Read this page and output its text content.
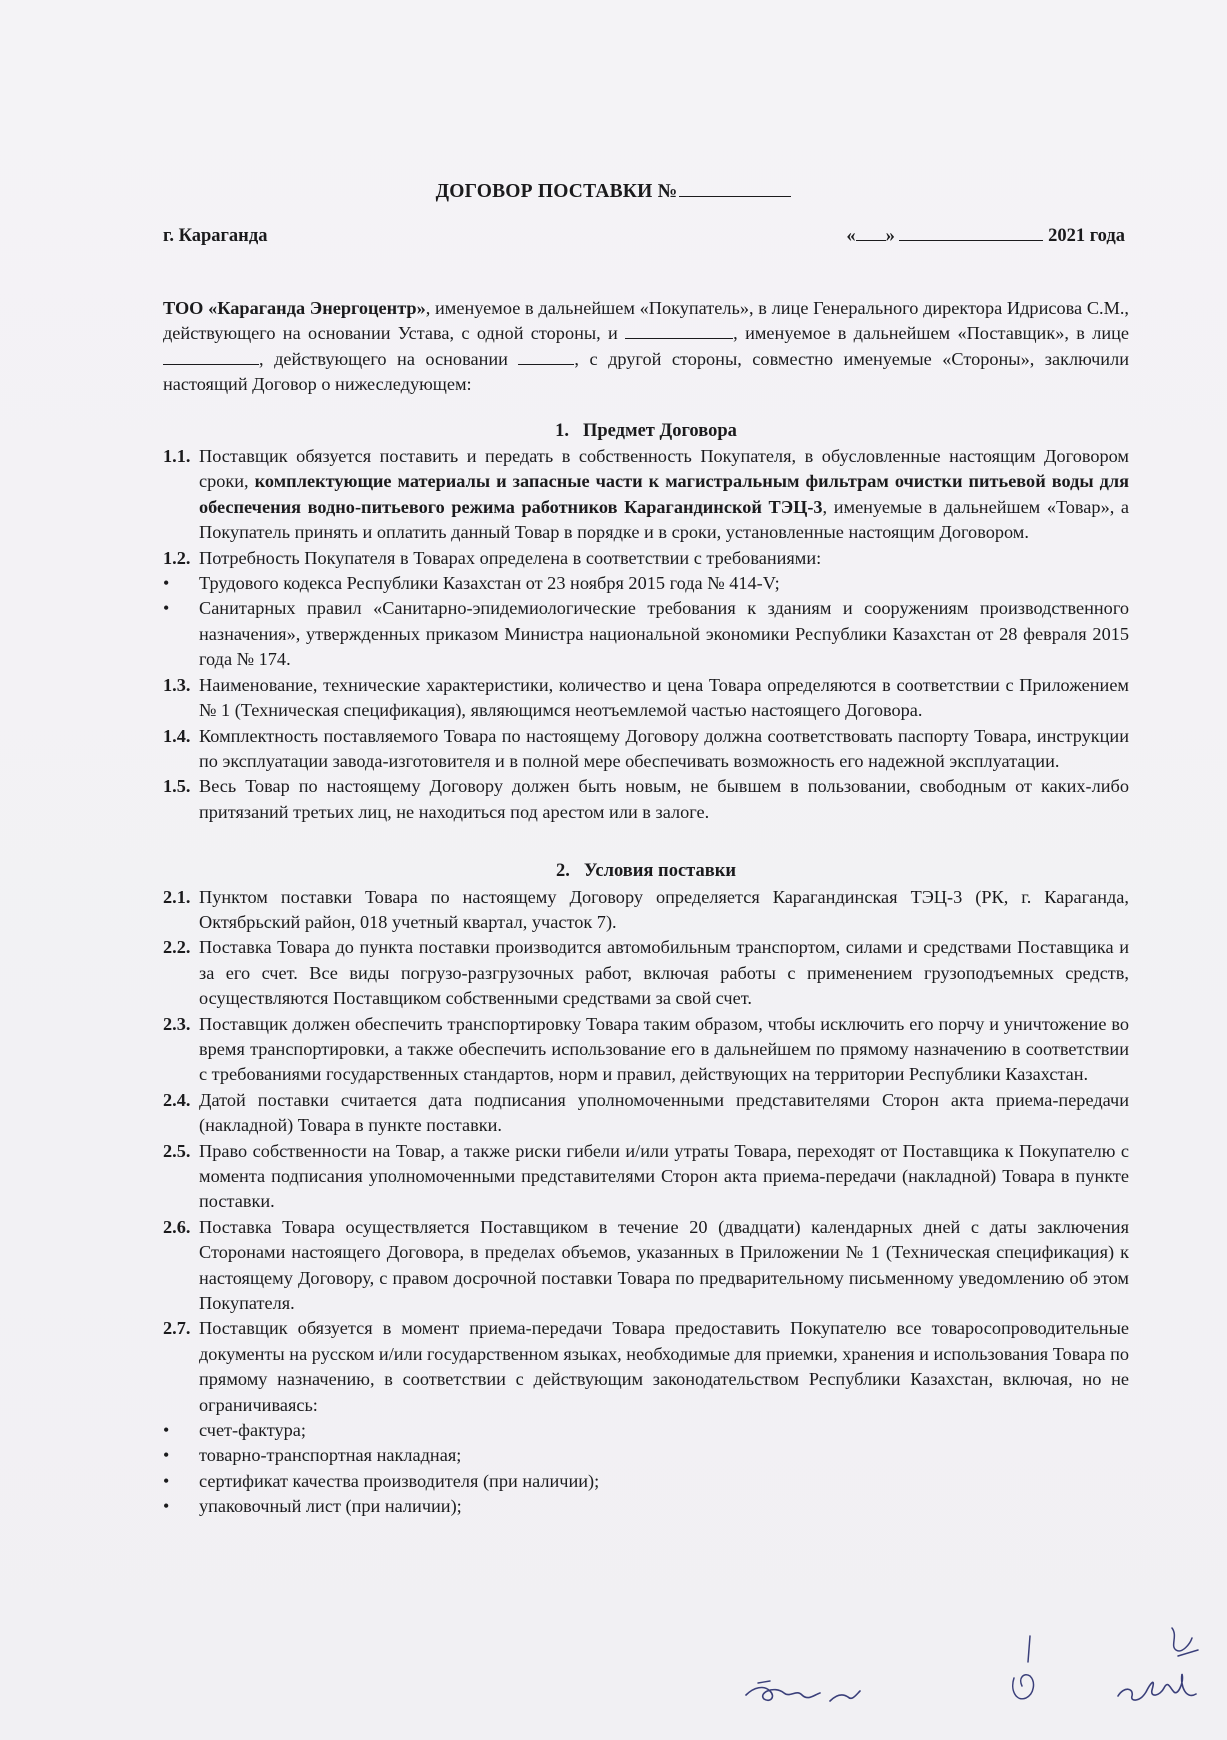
ДОГОВОР ПОСТАВКИ №
г. Караганда	« »	2021 года

ТОО «Караганда Энергоцентр», именуемое в дальнейшем «Покупатель», в лице Генерального директора Идрисова С.М., действующего на основании Устава, с одной стороны, и	, именуемое в дальнейшем «Поставщик», в лице , действующего на основании	, с другой стороны, совместно именуемые «Стороны», заключили настоящий Договор о нижеследующем:

1. Предмет Договора

1.1. Поставщик обязуется поставить и передать в собственность Покупателя, в обусловленные настоящим Договором сроки, комплектующие материалы и запасные части к магистральным фильтрам очистки питьевой воды для обеспечения водно-питьевого режима работников Карагандинской ТЭЦ-3, именуемые в дальнейшем «Товар», а Покупатель принять и оплатить данный Товар в порядке и в сроки, установленные настоящим Договором.

1.2. Потребность Покупателя в Товарах определена в соответствии с требованиями:

• Трудового кодекса Республики Казахстан от 23 ноября 2015 года № 414-V;

• Санитарных правил «Санитарно-эпидемиологические требования к зданиям и сооружениям производственного назначения», утвержденных приказом Министра национальной экономики Республики Казахстан от 28 февраля 2015 года № 174.

1.3. Наименование, технические характеристики, количество и цена Товара определяются в соответствии с Приложением № 1 (Техническая спецификация), являющимся неотъемлемой частью настоящего Договора.

1.4. Комплектность поставляемого Товара по настоящему Договору должна соответствовать паспорту Товара, инструкции по эксплуатации завода-изготовителя и в полной мере обеспечивать возможность его надежной эксплуатации.

1.5. Весь Товар по настоящему Договору должен быть новым, не бывшем в пользовании, свободным от каких-либо притязаний третьих лиц, не находиться под арестом или в залоге.

2. Условия поставки

2.1. Пунктом поставки Товара по настоящему Договору определяется Карагандинская ТЭЦ-3 (РК, г. Караганда, Октябрьский район, 018 учетный квартал, участок 7).

2.2. Поставка Товара до пункта поставки производится автомобильным транспортом, силами и средствами Поставщика и за его счет. Все виды погрузо-разгрузочных работ, включая работы с применением грузоподъемных средств, осуществляются Поставщиком собственными средствами за свой счет.

2.3. Поставщик должен обеспечить транспортировку Товара таким образом, чтобы исключить его порчу и уничтожение во время транспортировки, а также обеспечить использование его в дальнейшем по прямому назначению в соответствии с требованиями государственных стандартов, норм и правил, действующих на территории Республики Казахстан.

2.4. Датой поставки считается дата подписания уполномоченными представителями Сторон акта приема-передачи (накладной) Товара в пункте поставки.

2.5. Право собственности на Товар, а также риски гибели и/или утраты Товара, переходят от Поставщика к Покупателю с момента подписания уполномоченными представителями Сторон акта приема-передачи (накладной) Товара в пункте поставки.

2.6. Поставка Товара осуществляется Поставщиком в течение 20 (двадцати) календарных дней с даты заключения Сторонами настоящего Договора, в пределах объемов, указанных в Приложении № 1 (Техническая спецификация) к настоящему Договору, с правом досрочной поставки Товара по предварительному письменному уведомлению об этом Покупателя.

2.7. Поставщик обязуется в момент приема-передачи Товара предоставить Покупателю все товаросопроводительные документы на русском и/или государственном языках, необходимые для приемки, хранения и использования Товара по прямому назначению, в соответствии с действующим законодательством Республики Казахстан, включая, но не ограничиваясь:

• счет-фактура;

• товарно-транспортная накладная;

• сертификат качества производителя (при наличии);

• упаковочный лист (при наличии);
